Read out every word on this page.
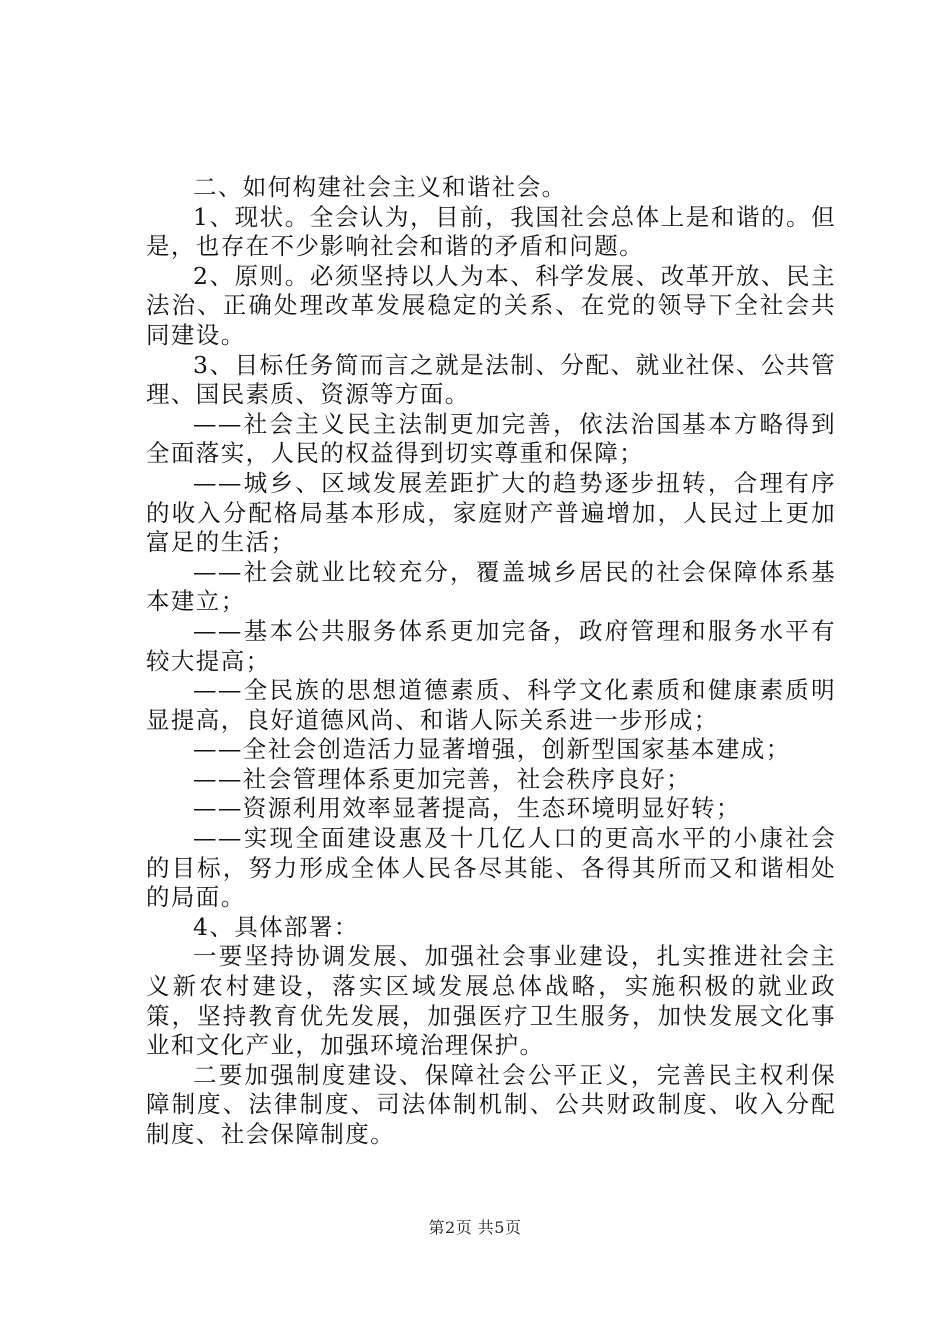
二、如何构建社会主义和谐社会。

1、现状。全会认为，目前，我国社会总体上是和谐的。但是，也存在不少影响社会和谐的矛盾和问题。

2、原则。必须坚持以人为本、科学发展、改革开放、民主法治、正确处理改革发展稳定的关系、在党的领导下全社会共同建设。

3、目标任务简而言之就是法制、分配、就业社保、公共管理、国民素质、资源等方面。

——社会主义民主法制更加完善，依法治国基本方略得到全面落实，人民的权益得到切实尊重和保障；

——城乡、区域发展差距扩大的趋势逐步扭转，合理有序的收入分配格局基本形成，家庭财产普遍增加，人民过上更加富足的生活；

——社会就业比较充分，覆盖城乡居民的社会保障体系基本建立；

——基本公共服务体系更加完备，政府管理和服务水平有较大提高；

——全民族的思想道德素质、科学文化素质和健康素质明显提高，良好道德风尚、和谐人际关系进一步形成；

——全社会创造活力显著增强，创新型国家基本建成；

——社会管理体系更加完善，社会秩序良好；

——资源利用效率显著提高，生态环境明显好转；

——实现全面建设惠及十几亿人口的更高水平的小康社会的目标，努力形成全体人民各尽其能、各得其所而又和谐相处的局面。

4、具体部署：

一要坚持协调发展、加强社会事业建设，扎实推进社会主义新农村建设，落实区域发展总体战略，实施积极的就业政策，坚持教育优先发展，加强医疗卫生服务，加快发展文化事业和文化产业，加强环境治理保护。

二要加强制度建设、保障社会公平正义，完善民主权利保障制度、法律制度、司法体制机制、公共财政制度、收入分配制度、社会保障制度。

第2页 共5页
